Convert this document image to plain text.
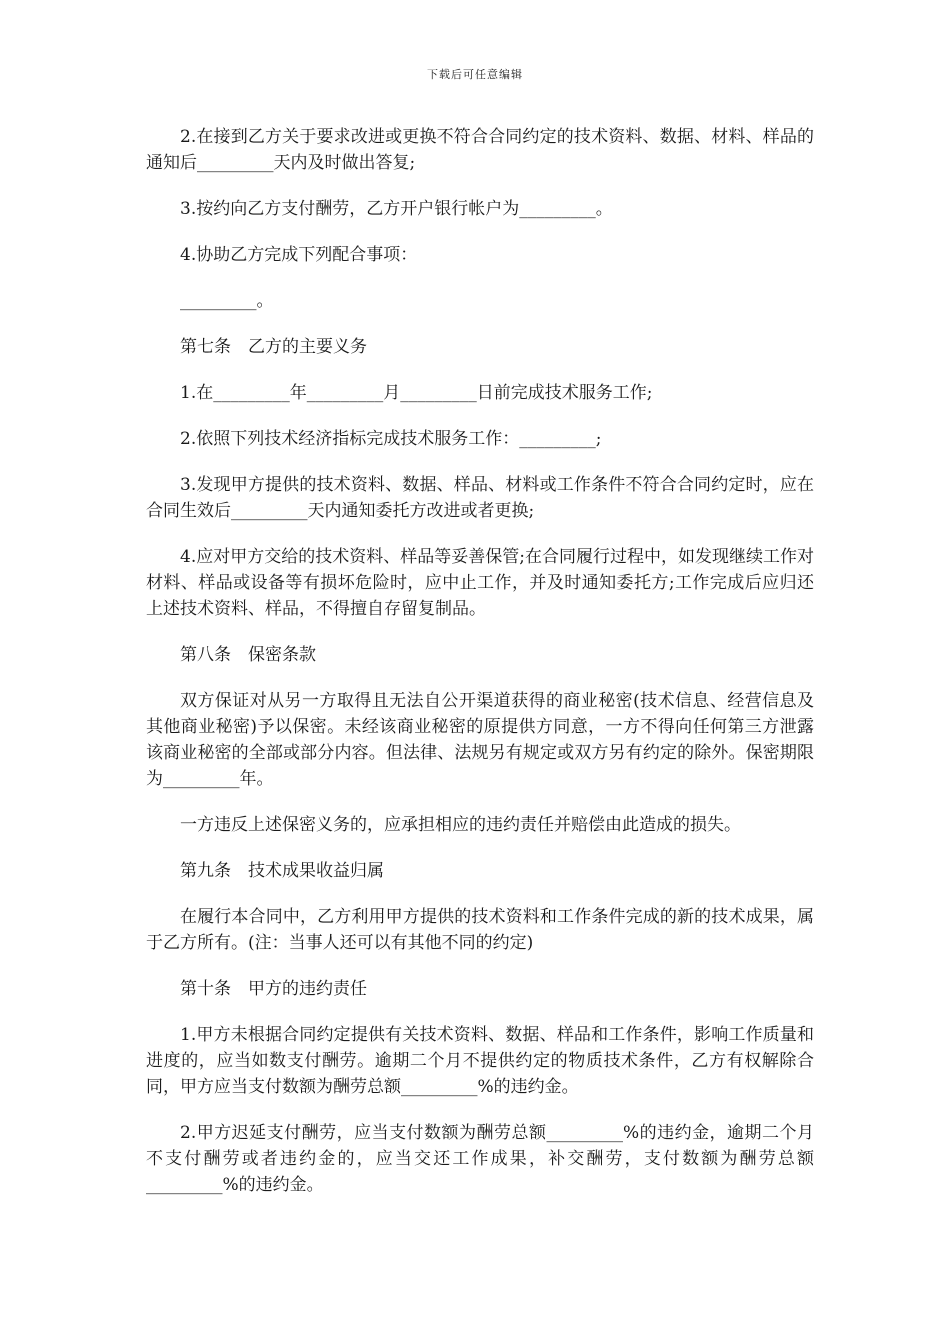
下载后可任意编辑

2.在接到乙方关于要求改进或更换不符合合同约定的技术资料、数据、材料、样品的通知后_________天内及时做出答复;

3.按约向乙方支付酬劳，乙方开户银行帐户为_________。

4.协助乙方完成下列配合事项：

_________。

第七条　乙方的主要义务

1.在_________年_________月_________日前完成技术服务工作;

2.依照下列技术经济指标完成技术服务工作：_________;

3.发现甲方提供的技术资料、数据、样品、材料或工作条件不符合合同约定时，应在合同生效后_________天内通知委托方改进或者更换;

4.应对甲方交给的技术资料、样品等妥善保管;在合同履行过程中，如发现继续工作对材料、样品或设备等有损坏危险时，应中止工作，并及时通知委托方;工作完成后应归还上述技术资料、样品，不得擅自存留复制品。

第八条　保密条款

双方保证对从另一方取得且无法自公开渠道获得的商业秘密(技术信息、经营信息及其他商业秘密)予以保密。未经该商业秘密的原提供方同意，一方不得向任何第三方泄露该商业秘密的全部或部分内容。但法律、法规另有规定或双方另有约定的除外。保密期限为_________年。

一方违反上述保密义务的，应承担相应的违约责任并赔偿由此造成的损失。

第九条　技术成果收益归属

在履行本合同中，乙方利用甲方提供的技术资料和工作条件完成的新的技术成果，属于乙方所有。(注：当事人还可以有其他不同的约定)

第十条　甲方的违约责任

1.甲方未根据合同约定提供有关技术资料、数据、样品和工作条件，影响工作质量和进度的，应当如数支付酬劳。逾期二个月不提供约定的物质技术条件，乙方有权解除合同，甲方应当支付数额为酬劳总额_________%的违约金。

2.甲方迟延支付酬劳，应当支付数额为酬劳总额_________%的违约金，逾期二个月不支付酬劳或者违约金的，应当交还工作成果，补交酬劳，支付数额为酬劳总额_________%的违约金。
